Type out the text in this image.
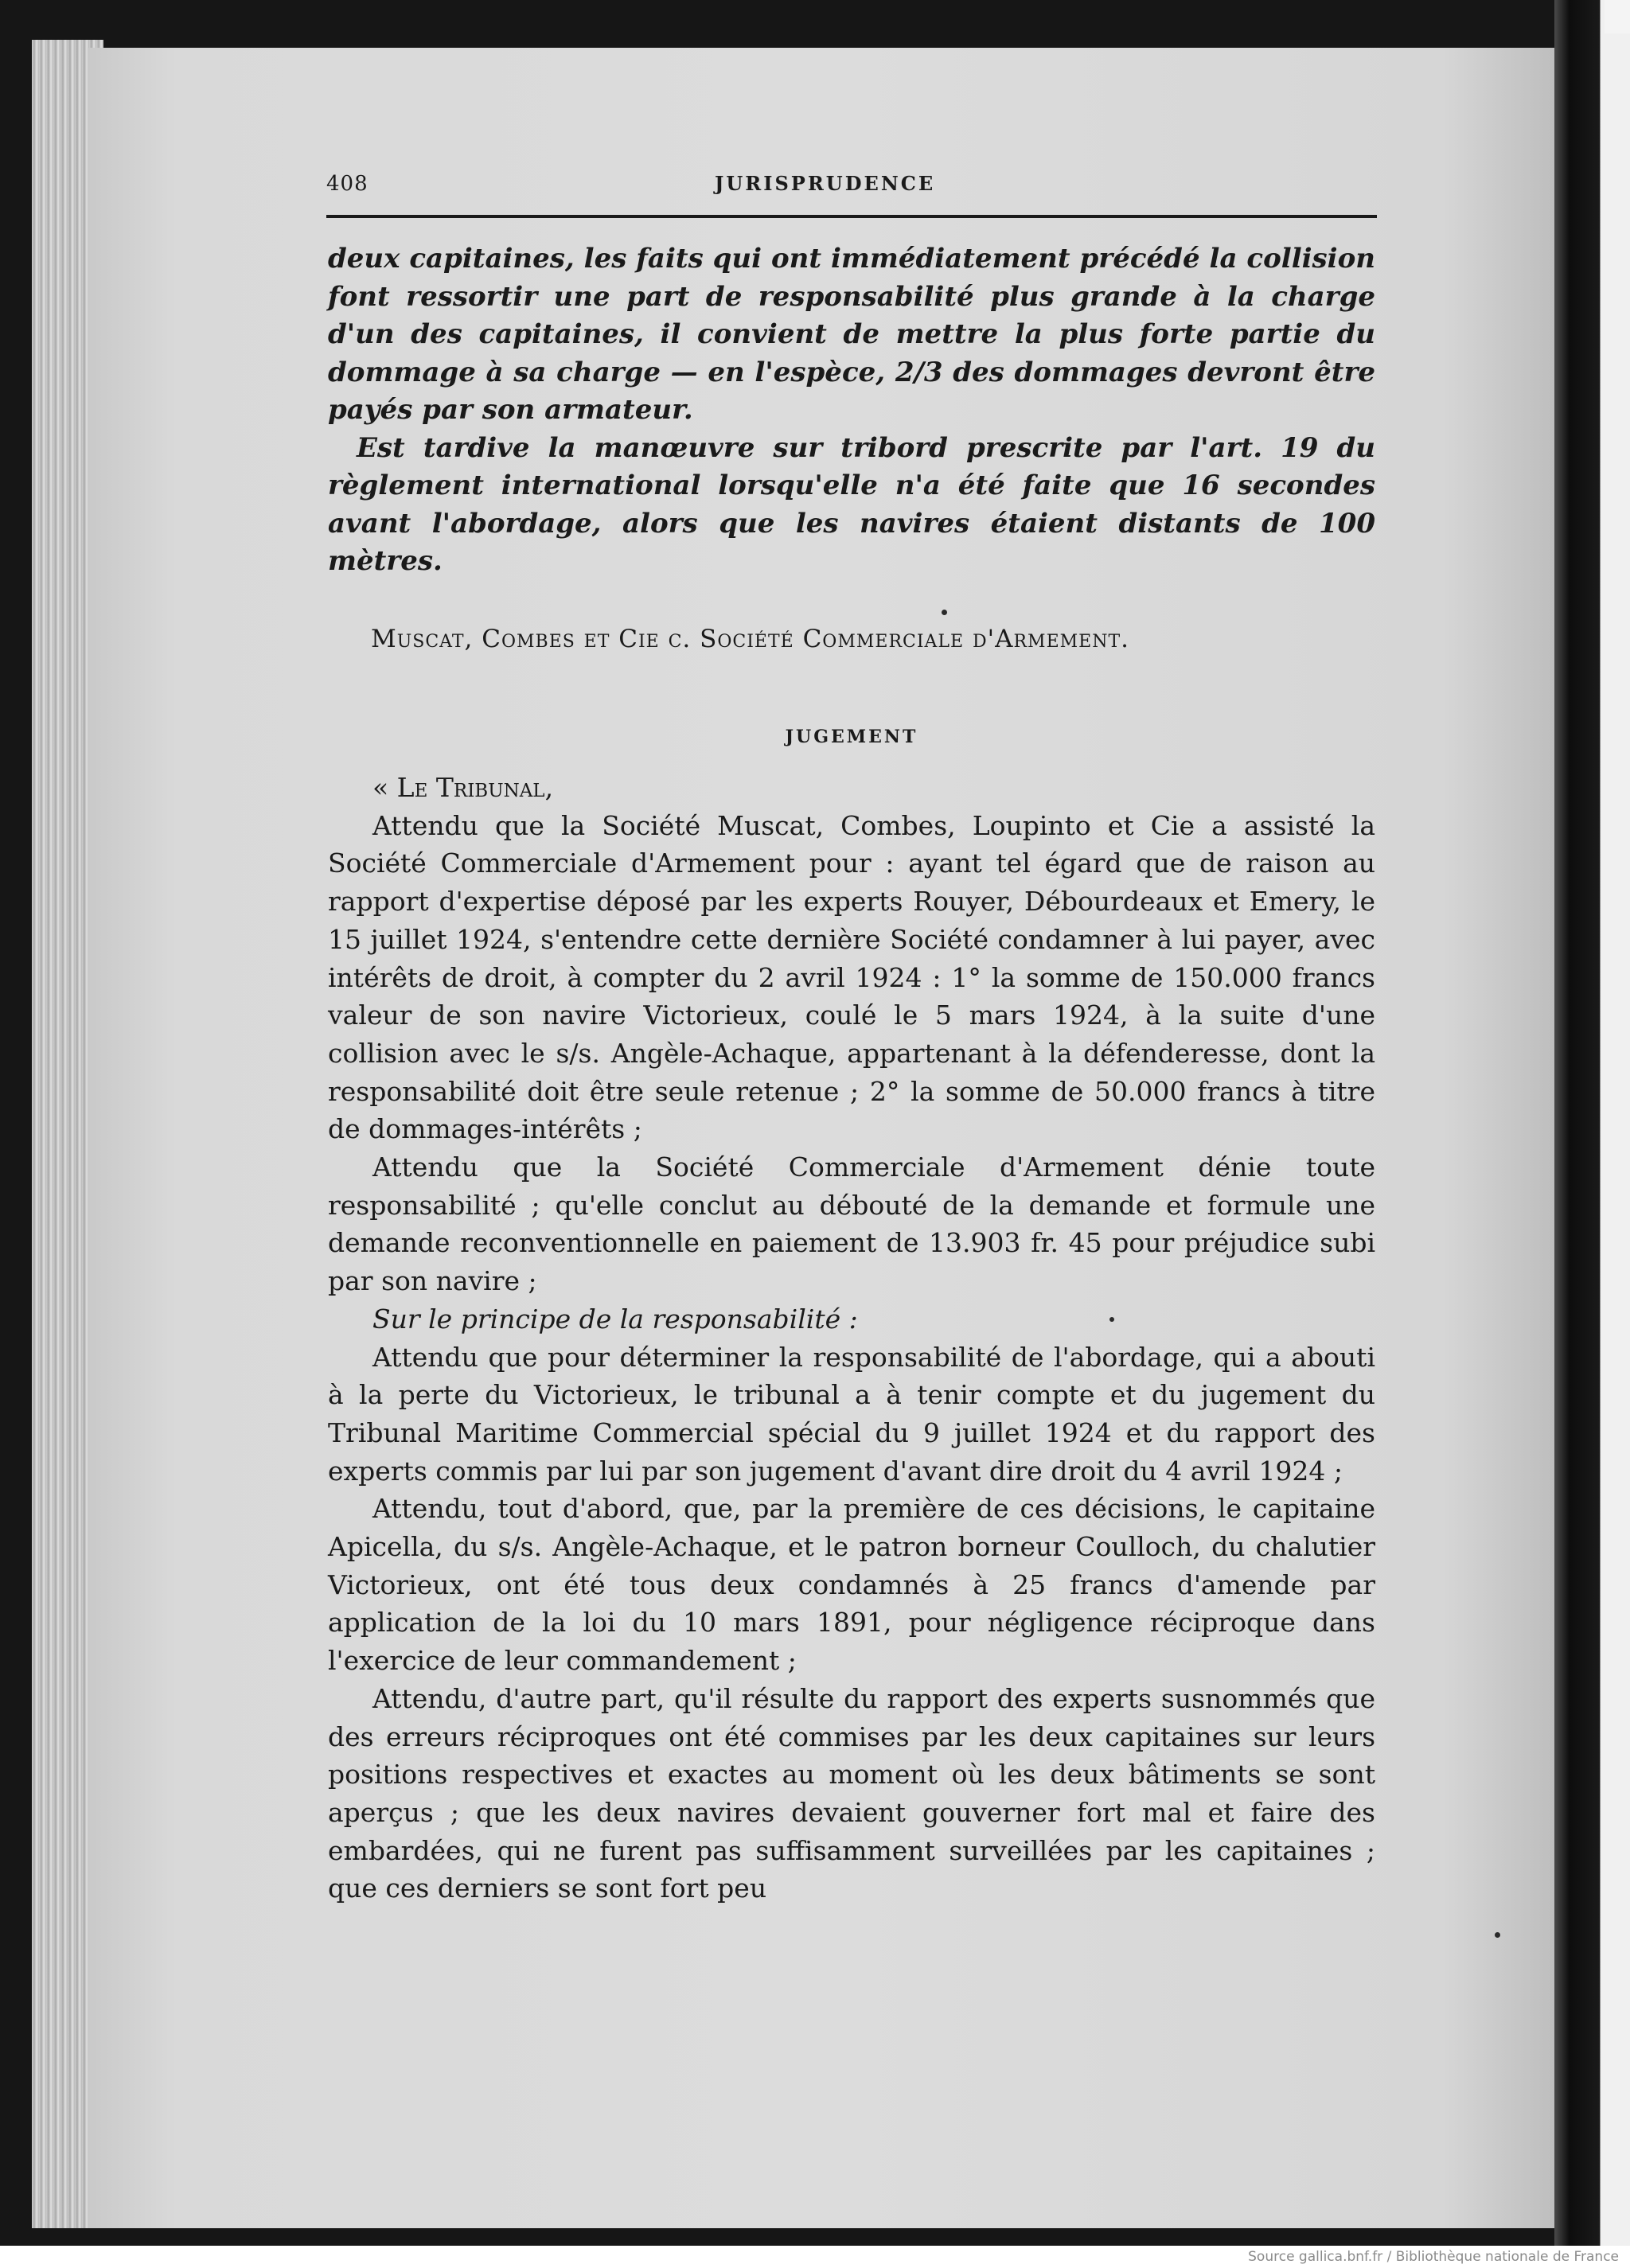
408	JURISPRUDENCE

deux capitaines, les faits qui ont immédiatement précédé la collision font ressortir une part de responsabilité plus grande à la charge d'un des capitaines, il convient de mettre la plus forte partie du dommage à sa charge — en l'espèce, 2/3 des dommages devront être payés par son armateur.

Est tardive la manœuvre sur tribord prescrite par l'art. 19 du règlement international lorsqu'elle n'a été faite que 16 secondes avant l'abordage, alors que les navires étaient distants de 100 mètres.

Muscat, Combes et Cie c. Société Commerciale d'Armement.
JUGEMENT

« Le Tribunal,

Attendu que la Société Muscat, Combes, Loupinto et Cie a assisté la Société Commerciale d'Armement pour : ayant tel égard que de raison au rapport d'expertise déposé par les experts Rouyer, Débourdeaux et Emery, le 15 juillet 1924, s'entendre cette dernière Société condamner à lui payer, avec intérêts de droit, à compter du 2 avril 1924 : 1° la somme de 150.000 francs valeur de son navire Victorieux, coulé le 5 mars 1924, à la suite d'une collision avec le s/s. Angèle-Achaque, appartenant à la défenderesse, dont la responsabilité doit être seule retenue ; 2° la somme de 50.000 francs à titre de dommages-intérêts ;

Attendu que la Société Commerciale d'Armement dénie toute responsabilité ; qu'elle conclut au débouté de la demande et formule une demande reconventionnelle en paiement de 13.903 fr. 45 pour préjudice subi par son navire ;

Sur le principe de la responsabilité :

Attendu que pour déterminer la responsabilité de l'abordage, qui a abouti à la perte du Victorieux, le tribunal a à tenir compte et du jugement du Tribunal Maritime Commercial spécial du 9 juillet 1924 et du rapport des experts commis par lui par son jugement d'avant dire droit du 4 avril 1924 ;

Attendu, tout d'abord, que, par la première de ces décisions, le capitaine Apicella, du s/s. Angèle-Achaque, et le patron borneur Coulloch, du chalutier Victorieux, ont été tous deux condamnés à 25 francs d'amende par application de la loi du 10 mars 1891, pour négligence réciproque dans l'exercice de leur commandement ;

Attendu, d'autre part, qu'il résulte du rapport des experts susnommés que des erreurs réciproques ont été commises par les deux capitaines sur leurs positions respectives et exactes au moment où les deux bâtiments se sont aperçus ; que les deux navires devaient gouverner fort mal et faire des embardées, qui ne furent pas suffisamment surveillées par les capitaines ; que ces derniers se sont fort peu

Source gallica.bnf.fr / Bibliothèque nationale de France
